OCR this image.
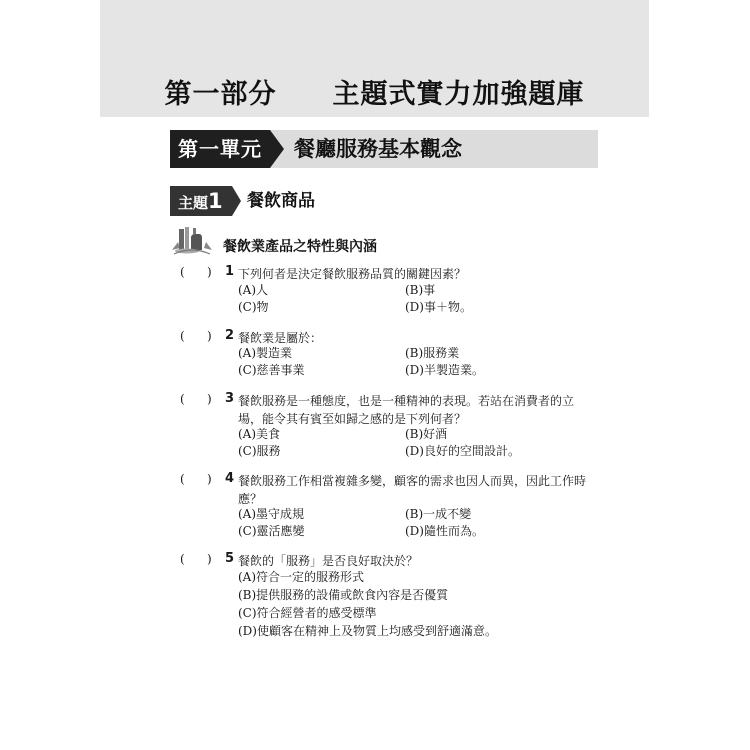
第一部分　　主題式實力加強題庫
第一單元	餐廳服務基本觀念
主題1	餐飲商品
餐飲業產品之特性與內涵
( ) 1 下列何者是決定餐飲服務品質的關鍵因素？
(A)人	(B)事
(C)物	(D)事＋物。
( ) 2 餐飲業是屬於：
(A)製造業	(B)服務業
(C)慈善事業	(D)半製造業。
( ) 3 餐飲服務是一種態度，也是一種精神的表現。若站在消費者的立場，能令其有賓至如歸之感的是下列何者？
(A)美食	(B)好酒
(C)服務	(D)良好的空間設計。
( ) 4 餐飲服務工作相當複雜多變，顧客的需求也因人而異，因此工作時應？
(A)墨守成規	(B)一成不變
(C)靈活應變	(D)隨性而為。
( ) 5 餐飲的「服務」是否良好取決於？
(A)符合一定的服務形式
(B)提供服務的設備或飲食內容是否優質
(C)符合經營者的感受標準
(D)使顧客在精神上及物質上均感受到舒適滿意。
